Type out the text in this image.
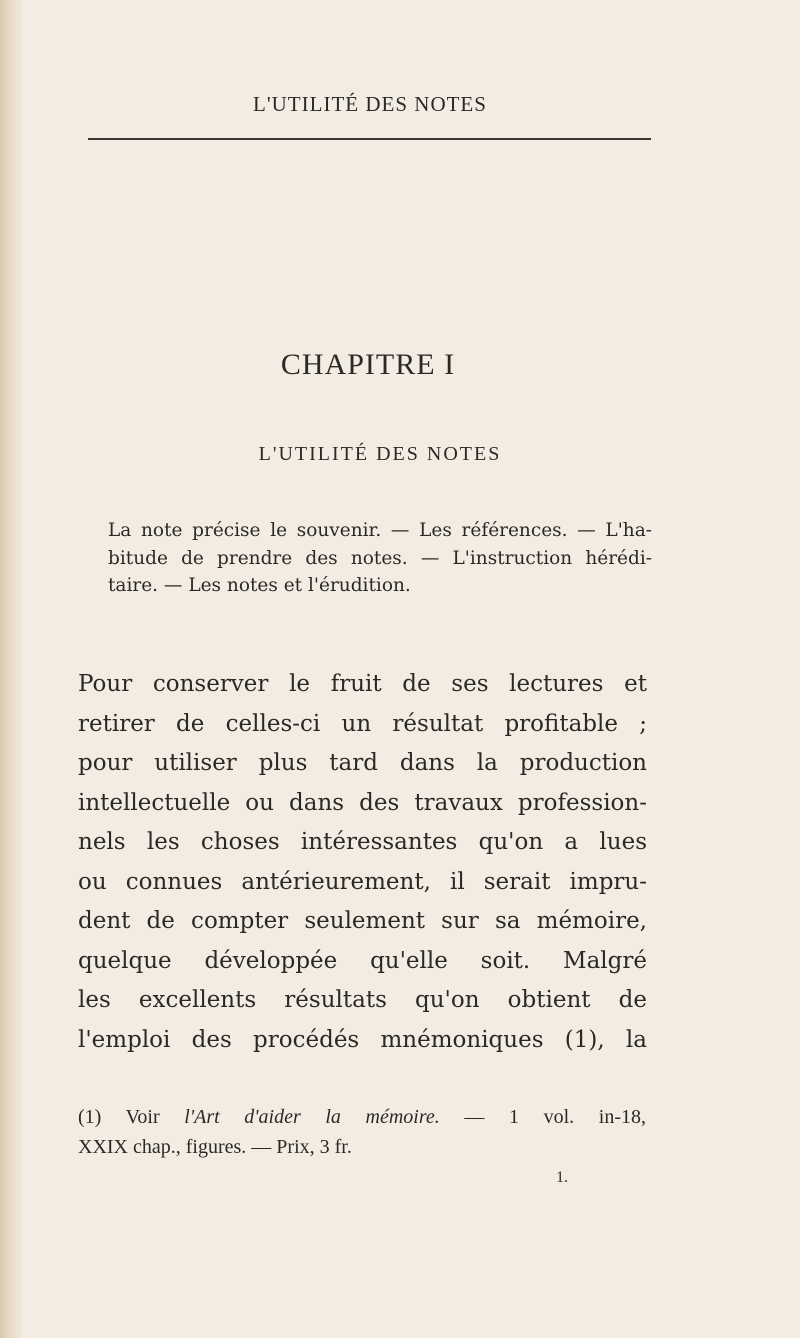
L'UTILITÉ DES NOTES
CHAPITRE I
L'UTILITÉ DES NOTES
La note précise le souvenir. — Les références. — L'ha-
bitude de prendre des notes. — L'instruction hérédi-
taire. — Les notes et l'érudition.
Pour conserver le fruit de ses lectures et
retirer de celles-ci un résultat profitable ;
pour utiliser plus tard dans la production
intellectuelle ou dans des travaux profession-
nels les choses intéressantes qu'on a lues
ou connues antérieurement, il serait impru-
dent de compter seulement sur sa mémoire,
quelque développée qu'elle soit. Malgré
les excellents résultats qu'on obtient de
l'emploi des procédés mnémoniques (1), la
(1) Voir l'Art d'aider la mémoire. — 1 vol. in-18,
XXIX chap., figures. — Prix, 3 fr.
1.
